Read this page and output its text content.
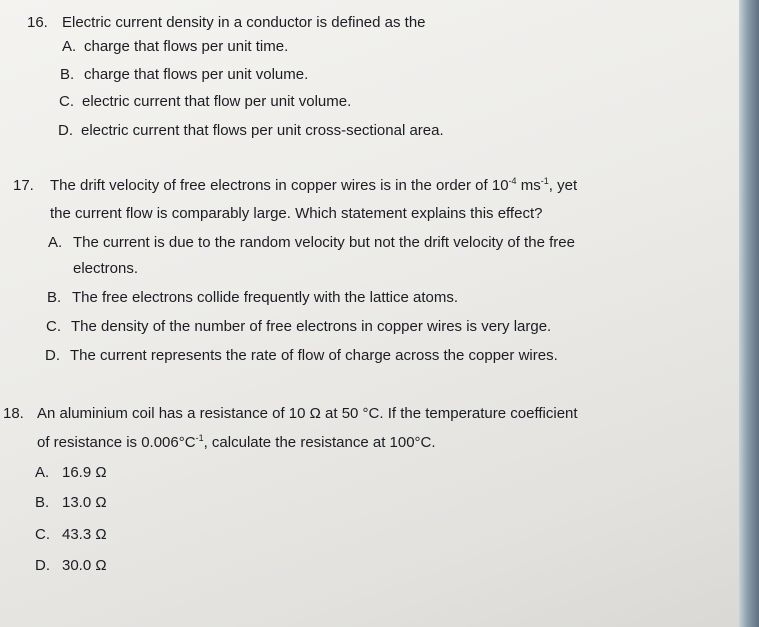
16. Electric current density in a conductor is defined as the
A. charge that flows per unit time.
B. charge that flows per unit volume.
C. electric current that flow per unit volume.
D. electric current that flows per unit cross-sectional area.
17. The drift velocity of free electrons in copper wires is in the order of $10^{-4}$ $ms^{-1}$, yet
the current flow is comparably large. Which statement explains this effect?
A. The current is due to the random velocity but not the drift velocity of the free
electrons.
B. The free electrons collide frequently with the lattice atoms.
C. The density of the number of free electrons in copper wires is very large.
D. The current represents the rate of flow of charge across the copper wires.
18. An aluminium coil has a resistance of 10 Ω at 50 °C. If the temperature coefficient
of resistance is $0.006^\circ C^{-1}$, calculate the resistance at 100°C.
A. 16.9 Ω
B. 13.0 Ω
C. 43.3 Ω
D. 30.0 Ω
